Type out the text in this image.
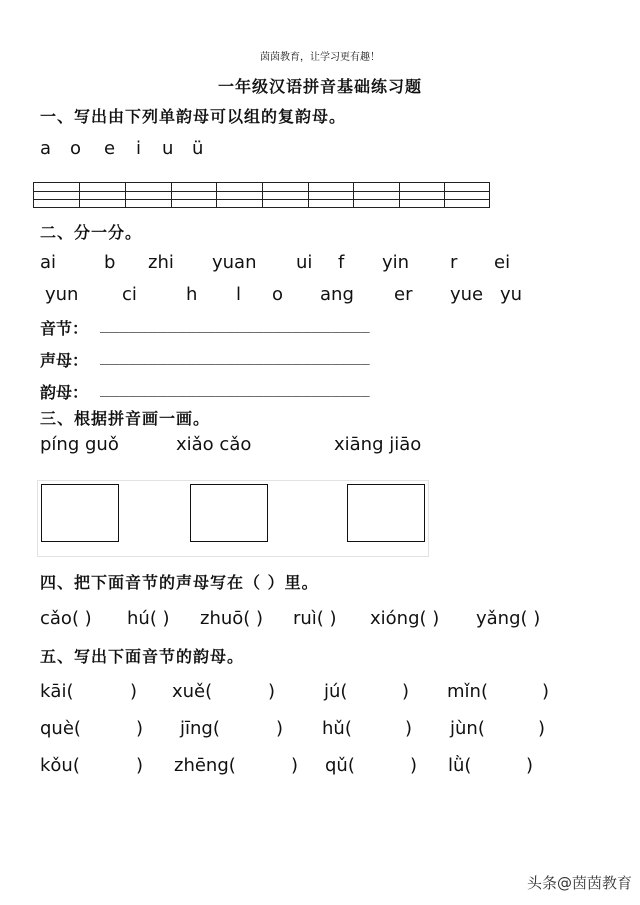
茵茵教育，让学习更有趣！
一年级汉语拼音基础练习题
一、写出由下列单韵母可以组的复韵母。
a o e i u ü
二、分一分。
ai	b zhi yuan ui f yin r ei
yun ci	h l o ang er yue yu
音节： ____________________________
声母： ____________________________
韵母： ____________________________
三、根据拼音画一画。
píng guǒ	xiǎo cǎo	xiāng jiāo
四、把下面音节的声母写在（ ）里。
cǎo( ) hú( ) zhuō( ) ruì( ) xióng( ) yǎng( )
五、写出下面音节的韵母。
kāi(	) xuě(	)	jú(	) mǐn(	)
què(	) jīng(	) hǔ(	) jùn(	)
kǒu(	) zhēng(	) qǔ(	) lǜ(	)
头条@茵茵教育
